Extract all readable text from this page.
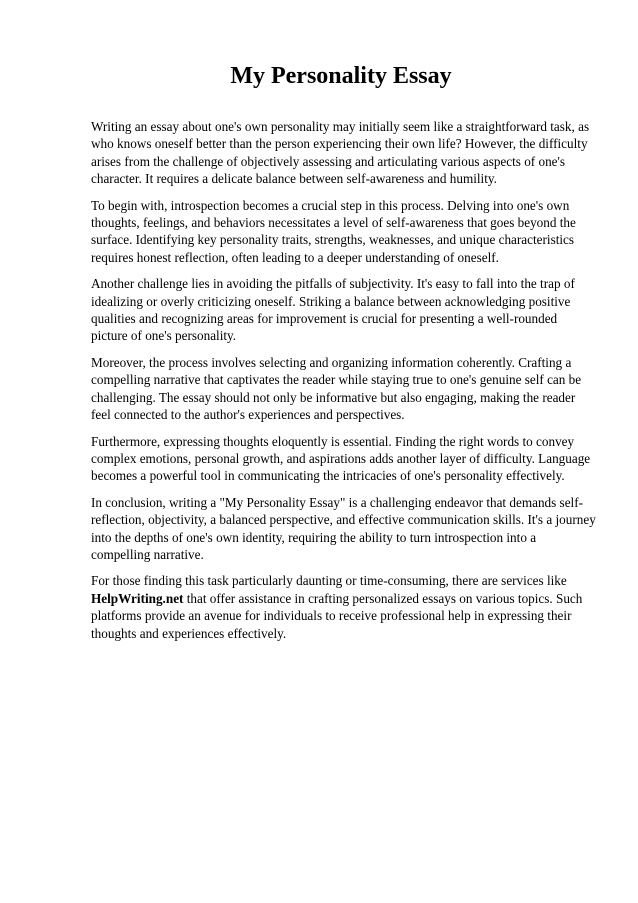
My Personality Essay

Writing an essay about one's own personality may initially seem like a straightforward task, as who knows oneself better than the person experiencing their own life? However, the difficulty arises from the challenge of objectively assessing and articulating various aspects of one's character. It requires a delicate balance between self-awareness and humility.

To begin with, introspection becomes a crucial step in this process. Delving into one's own thoughts, feelings, and behaviors necessitates a level of self-awareness that goes beyond the surface. Identifying key personality traits, strengths, weaknesses, and unique characteristics requires honest reflection, often leading to a deeper understanding of oneself.

Another challenge lies in avoiding the pitfalls of subjectivity. It's easy to fall into the trap of idealizing or overly criticizing oneself. Striking a balance between acknowledging positive qualities and recognizing areas for improvement is crucial for presenting a well-rounded picture of one's personality.

Moreover, the process involves selecting and organizing information coherently. Crafting a compelling narrative that captivates the reader while staying true to one's genuine self can be challenging. The essay should not only be informative but also engaging, making the reader feel connected to the author's experiences and perspectives.

Furthermore, expressing thoughts eloquently is essential. Finding the right words to convey complex emotions, personal growth, and aspirations adds another layer of difficulty. Language becomes a powerful tool in communicating the intricacies of one's personality effectively.

In conclusion, writing a "My Personality Essay" is a challenging endeavor that demands self-reflection, objectivity, a balanced perspective, and effective communication skills. It's a journey into the depths of one's own identity, requiring the ability to turn introspection into a compelling narrative.

For those finding this task particularly daunting or time-consuming, there are services like HelpWriting.net that offer assistance in crafting personalized essays on various topics. Such platforms provide an avenue for individuals to receive professional help in expressing their thoughts and experiences effectively.
